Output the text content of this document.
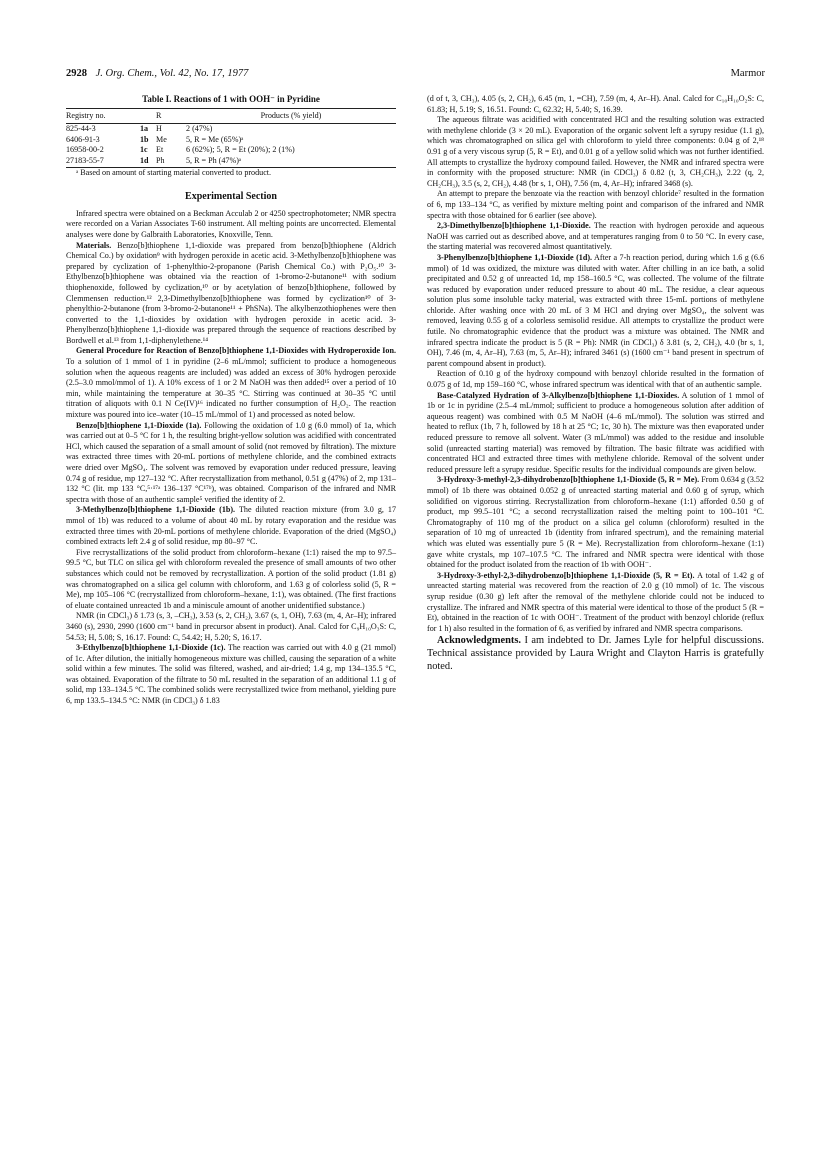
2928 J. Org. Chem., Vol. 42, No. 17, 1977	Marmor
Table I. Reactions of 1 with OOH⁻ in Pyridine
Registry no.		R	Products (% yield)
825-44-3	1a	H	2 (47%)
6406-91-3	1b	Me	5, R = Me (65%)ᵃ
16958-00-2	1c	Et	6 (62%); 5, R = Et (20%); 2 (1%)
27183-55-7	1d	Ph	5, R = Ph (47%)ᵃ

ᵃ Based on amount of starting material converted to product.

Experimental Section

Infrared spectra were obtained on a Beckman Acculab 2 or 4250 spectrophotometer; NMR spectra were recorded on a Varian Associates T-60 instrument. All melting points are uncorrected. Elemental analyses were done by Galbraith Laboratories, Knoxville, Tenn.

Materials. Benzo[b]thiophene 1,1-dioxide was prepared from benzo[b]thiophene (Aldrich Chemical Co.) by oxidation⁹ with hydrogen peroxide in acetic acid. 3-Methylbenzo[b]thiophene was prepared by cyclization of 1-phenylthio-2-propanone (Parish Chemical Co.) with P₂O₅.¹⁰ 3-Ethylbenzo[b]thiophene was obtained via the reaction of 1-bromo-2-butanone¹¹ with sodium thiophenoxide, followed by cyclization,¹⁰ or by acetylation of benzo[b]thiophene, followed by Clemmensen reduction.¹² 2,3-Dimethylbenzo[b]thiophene was formed by cyclization¹⁰ of 3-phenylthio-2-butanone (from 3-bromo-2-butanone¹¹ + PhSNa). The alkylbenzothiophenes were then converted to the 1,1-dioxides by oxidation with hydrogen peroxide in acetic acid. 3-Phenylbenzo[b]thiophene 1,1-dioxide was prepared through the sequence of reactions described by Bordwell et al.¹³ from 1,1-diphenylethene.¹⁴

General Procedure for Reaction of Benzo[b]thiophene 1,1-Dioxides with Hydroperoxide Ion. To a solution of 1 mmol of 1 in pyridine (2–6 mL/mmol; sufficient to produce a homogeneous solution when the aqueous reagents are included) was added an excess of 30% hydrogen peroxide (2.5–3.0 mmol/mmol of 1). A 10% excess of 1 or 2 M NaOH was then added¹⁵ over a period of 10 min, while maintaining the temperature at 30–35 °C. Stirring was continued at 30–35 °C until titration of aliquots with 0.1 N Ce(IV)¹⁶ indicated no further consumption of H₂O₂. The reaction mixture was poured into ice–water (10–15 mL/mmol of 1) and processed as noted below.

Benzo[b]thiophene 1,1-Dioxide (1a). Following the oxidation of 1.0 g (6.0 mmol) of 1a, which was carried out at 0–5 °C for 1 h, the resulting bright-yellow solution was acidified with concentrated HCl, which caused the separation of a small amount of solid (not removed by filtration). The mixture was extracted three times with 20-mL portions of methylene chloride, and the combined extracts were dried over MgSO₄. The solvent was removed by evaporation under reduced pressure, leaving 0.74 g of residue, mp 127–132 °C. After recrystallization from methanol, 0.51 g (47%) of 2, mp 131–132 °C (lit. mp 133 °C,⁵·¹⁷ᵃ 136–137 °C¹⁷ᵇ), was obtained. Comparison of the infrared and NMR spectra with those of an authentic sample⁵ verified the identity of 2.

3-Methylbenzo[b]thiophene 1,1-Dioxide (1b). The diluted reaction mixture (from 3.0 g, 17 mmol of 1b) was reduced to a volume of about 40 mL by rotary evaporation and the residue was extracted three times with 20-mL portions of methylene chloride. Evaporation of the dried (MgSO₄) combined extracts left 2.4 g of solid residue, mp 80–97 °C.

Five recrystallizations of the solid product from chloroform–hexane (1:1) raised the mp to 97.5–99.5 °C, but TLC on silica gel with chloroform revealed the presence of small amounts of two other substances which could not be removed by recrystallization. A portion of the solid product (1.81 g) was chromatographed on a silica gel column with chloroform, and 1.63 g of colorless solid (5, R = Me), mp 105–106 °C (recrystallized from chloroform–hexane, 1:1), was obtained. (The first fractions of eluate contained unreacted 1b and a miniscule amount of another unidentified substance.)

NMR (in CDCl₃) δ 1.73 (s, 3, –CH₃), 3.53 (s, 2, CH₂), 3.67 (s, 1, OH), 7.63 (m, 4, Ar–H); infrared 3460 (s), 2930, 2990 (1600 cm⁻¹ band in precursor absent in product). Anal. Calcd for C₉H₁₀O₃S: C, 54.53; H, 5.08; S, 16.17. Found: C, 54.42; H, 5.20; S, 16.17.

3-Ethylbenzo[b]thiophene 1,1-Dioxide (1c). The reaction was carried out with 4.0 g (21 mmol) of 1c. After dilution, the initially homogeneous mixture was chilled, causing the separation of a white solid within a few minutes. The solid was filtered, washed, and air-dried; 1.4 g, mp 134–135.5 °C, was obtained. Evaporation of the filtrate to 50 mL resulted in the separation of an additional 1.1 g of solid, mp 133–134.5 °C. The combined solids were recrystallized twice from methanol, yielding pure 6, mp 133.5–134.5 °C: NMR (in CDCl₃) δ 1.83

(d of t, 3, CH₃), 4.05 (s, 2, CH₂), 6.45 (m, 1, =CH), 7.59 (m, 4, Ar–H). Anal. Calcd for C₁₀H₁₀O₂S: C, 61.83; H, 5.19; S, 16.51. Found: C, 62.32; H, 5.40; S, 16.39.

The aqueous filtrate was acidified with concentrated HCl and the resulting solution was extracted with methylene chloride (3 × 20 mL). Evaporation of the organic solvent left a syrupy residue (1.1 g), which was chromatographed on silica gel with chloroform to yield three components: 0.04 g of 2,¹⁸ 0.91 g of a very viscous syrup (5, R = Et), and 0.01 g of a yellow solid which was not further identified. All attempts to crystallize the hydroxy compound failed. However, the NMR and infrared spectra were in conformity with the proposed structure: NMR (in CDCl₃) δ 0.82 (t, 3, CH₂CH₃), 2.22 (q, 2, CH₂CH₃), 3.5 (s, 2, CH₂), 4.48 (br s, 1, OH), 7.56 (m, 4, Ar–H); infrared 3468 (s).

An attempt to prepare the benzoate via the reaction with benzoyl chloride⁷ resulted in the formation of 6, mp 133–134 °C, as verified by mixture melting point and comparison of the infrared and NMR spectra with those obtained for 6 earlier (see above).

2,3-Dimethylbenzo[b]thiophene 1,1-Dioxide. The reaction with hydrogen peroxide and aqueous NaOH was carried out as described above, and at temperatures ranging from 0 to 50 °C. In every case, the starting material was recovered almost quantitatively.

3-Phenylbenzo[b]thiophene 1,1-Dioxide (1d). After a 7-h reaction period, during which 1.6 g (6.6 mmol) of 1d was oxidized, the mixture was diluted with water. After chilling in an ice bath, a solid precipitated and 0.52 g of unreacted 1d, mp 158–160.5 °C, was collected. The volume of the filtrate was reduced by evaporation under reduced pressure to about 40 mL. The residue, a clear aqueous solution plus some insoluble tacky material, was extracted with three 15-mL portions of methylene chloride. After washing once with 20 mL of 3 M HCl and drying over MgSO₄, the solvent was removed, leaving 0.55 g of a colorless semisolid residue. All attempts to crystallize the product were futile. No chromatographic evidence that the product was a mixture was obtained. The NMR and infrared spectra indicate the product is 5 (R = Ph): NMR (in CDCl₃) δ 3.81 (s, 2, CH₂), 4.0 (br s, 1, OH), 7.46 (m, 4, Ar–H), 7.63 (m, 5, Ar–H); infrared 3461 (s) (1600 cm⁻¹ band present in spectrum of parent compound absent in product).

Reaction of 0.10 g of the hydroxy compound with benzoyl chloride resulted in the formation of 0.075 g of 1d, mp 159–160 °C, whose infrared spectrum was identical with that of an authentic sample.

Base-Catalyzed Hydration of 3-Alkylbenzo[b]thiophene 1,1-Dioxides. A solution of 1 mmol of 1b or 1c in pyridine (2.5–4 mL/mmol; sufficient to produce a homogeneous solution after addition of aqueous reagent) was combined with 0.5 M NaOH (4–6 mL/mmol). The solution was stirred and heated to reflux (1b, 7 h, followed by 18 h at 25 °C; 1c, 30 h). The mixture was then evaporated under reduced pressure to remove all solvent. Water (3 mL/mmol) was added to the residue and insoluble solid (unreacted starting material) was removed by filtration. The basic filtrate was acidified with concentrated HCl and extracted three times with methylene chloride. Removal of the solvent under reduced pressure left a syrupy residue. Specific results for the individual compounds are given below.

3-Hydroxy-3-methyl-2,3-dihydrobenzo[b]thiophene 1,1-Dioxide (5, R = Me). From 0.634 g (3.52 mmol) of 1b there was obtained 0.052 g of unreacted starting material and 0.60 g of syrup, which solidified on vigorous stirring. Recrystallization from chloroform–hexane (1:1) afforded 0.50 g of product, mp 99.5–101 °C; a second recrystallization raised the melting point to 100–101 °C. Chromatography of 110 mg of the product on a silica gel column (chloroform) resulted in the separation of 10 mg of unreacted 1b (identity from infrared spectrum), and the remaining material which was eluted was essentially pure 5 (R = Me). Recrystallization from chloroform–hexane (1:1) gave white crystals, mp 107–107.5 °C. The infrared and NMR spectra were identical with those obtained for the product isolated from the reaction of 1b with OOH⁻.

3-Hydroxy-3-ethyl-2,3-dihydrobenzo[b]thiophene 1,1-Dioxide (5, R = Et). A total of 1.42 g of unreacted starting material was recovered from the reaction of 2.0 g (10 mmol) of 1c. The viscous syrup residue (0.30 g) left after the removal of the methylene chloride could not be induced to crystallize. The infrared and NMR spectra of this material were identical to those of the product 5 (R = Et), obtained in the reaction of 1c with OOH⁻. Treatment of the product with benzoyl chloride (reflux for 1 h) also resulted in the formation of 6, as verified by infrared and NMR spectra comparisons.

Acknowledgments. I am indebted to Dr. James Lyle for helpful discussions. Technical assistance provided by Laura Wright and Clayton Harris is gratefully noted.
